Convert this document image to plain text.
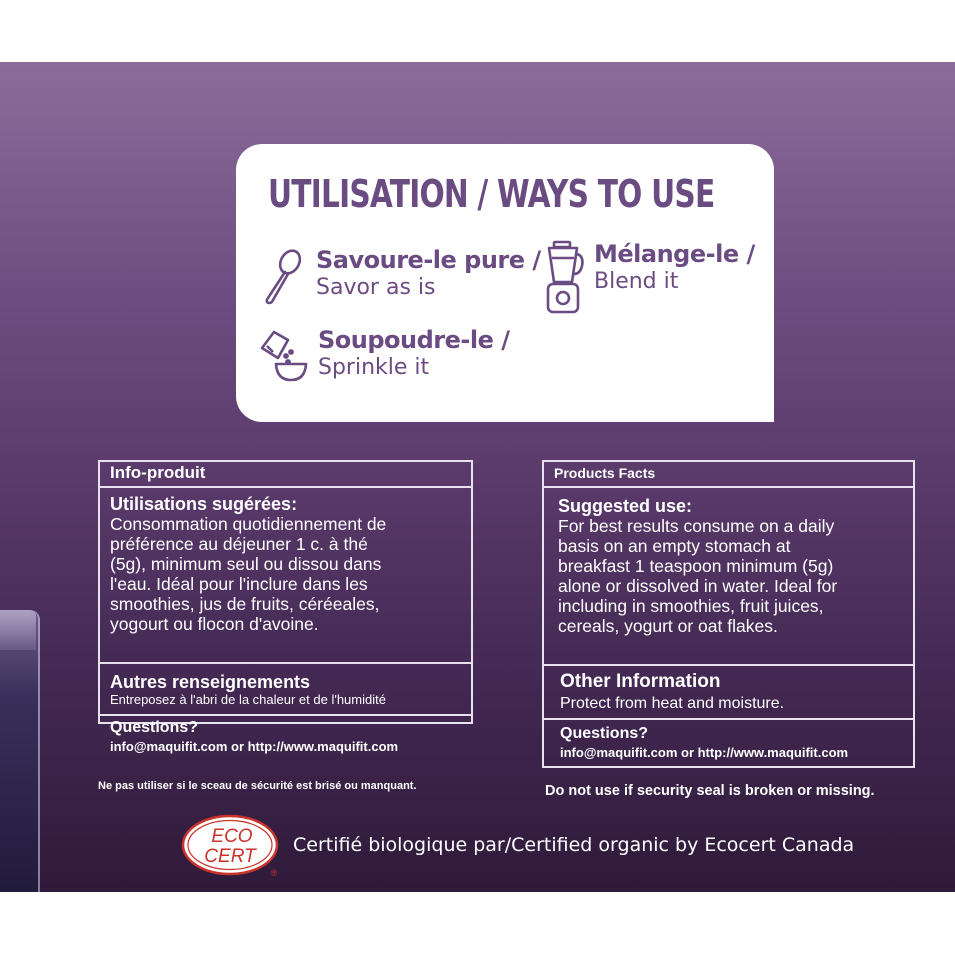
UTILISATION / WAYS TO USE
Savoure-le pure /
Savor as is
Mélange-le /
Blend it
Soupoudre-le /
Sprinkle it
Info-produit
Utilisations sugérées:
Consommation quotidiennement de
préférence au déjeuner 1 c. à thé
(5g), minimum seul ou dissou dans
l'eau. Idéal pour l'inclure dans les
smoothies, jus de fruits, céréeales,
yogourt ou flocon d'avoine.
Autres renseignements
Entreposez à l'abri de la chaleur et de l'humidité
Questions?
info@maquifit.com or http://www.maquifit.com
Products Facts
Suggested use:
For best results consume on a daily
basis on an empty stomach at
breakfast 1 teaspoon minimum (5g)
alone or dissolved in water. Ideal for
including in smoothies, fruit juices,
cereals, yogurt or oat flakes.
Other Information
Protect from heat and moisture.
Questions?
info@maquifit.com or http://www.maquifit.com
Ne pas utiliser si le sceau de sécurité est brisé ou manquant.	Do not use if security seal is broken or missing.
ECO
CERT
®
Certifié biologique par/Certified organic by Ecocert Canada
